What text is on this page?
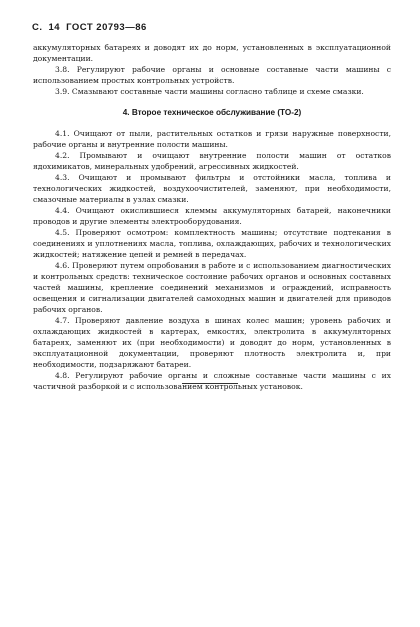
С. 14 ГОСТ 20793—86

аккумуляторных батареях и доводят их до норм, установленных в эксплуатационной документации.

3.8. Регулируют рабочие органы и основные составные части машины с использованием простых контрольных устройств.

3.9. Смазывают составные части машины согласно таблице и схеме смазки.

4. Второе техническое обслуживание (ТО-2)

4.1. Очищают от пыли, растительных остатков и грязи наружные поверхности, рабочие органы и внутренние полости машины.

4.2. Промывают и очищают внутренние полости машин от остатков ядохимикатов, минеральных удобрений, агрессивных жидкостей.

4.3. Очищают и промывают фильтры и отстойники масла, топлива и технологических жидкостей, воздухоочистителей, заменяют, при необходимости, смазочные материалы в узлах смазки.

4.4. Очищают окислившиеся клеммы аккумуляторных батарей, наконечники проводов и другие элементы электрооборудования.

4.5. Проверяют осмотром: комплектность машины; отсутствие подтекания в соединениях и уплотнениях масла, топлива, охлаждающих, рабочих и технологических жидкостей; натяжение цепей и ремней в передачах.

4.6. Проверяют путем опробования в работе и с использованием диагностических и контрольных средств: техническое состояние рабочих органов и основных составных частей машины, крепление соединений механизмов и ограждений, исправность освещения и сигнализации двигателей самоходных машин и двигателей для приводов рабочих органов.

4.7. Проверяют давление воздуха в шинах колес машин; уровень рабочих и охлаждающих жидкостей в картерах, емкостях, электролита в аккумуляторных батареях, заменяют их (при необходимости) и доводят до норм, установленных в эксплуатационной документации, проверяют плотность электролита и, при необходимости, подзаряжают батареи.

4.8. Регулируют рабочие органы и сложные составные части машины с их частичной разборкой и с использованием контрольных установок.
